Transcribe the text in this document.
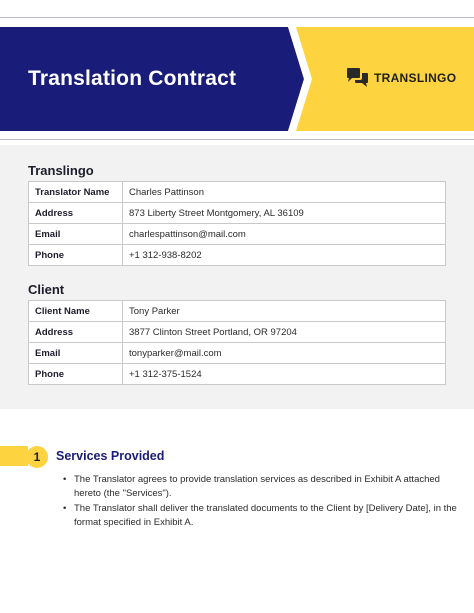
Translation Contract	TRANSLINGO
Translingo
Translator Name	Charles Pattinson
Address	873 Liberty Street Montgomery, AL 36109
Email	charlespattinson@mail.com
Phone	+1 312-938-8202
Client
Client Name	Tony Parker
Address	3877 Clinton Street Portland, OR 97204
Email	tonyparker@mail.com
Phone	+1 312-375-1524
1	Services Provided
• The Translator agrees to provide translation services as described in Exhibit A attached hereto (the "Services").
• The Translator shall deliver the translated documents to the Client by [Delivery Date], in the format specified in Exhibit A.
